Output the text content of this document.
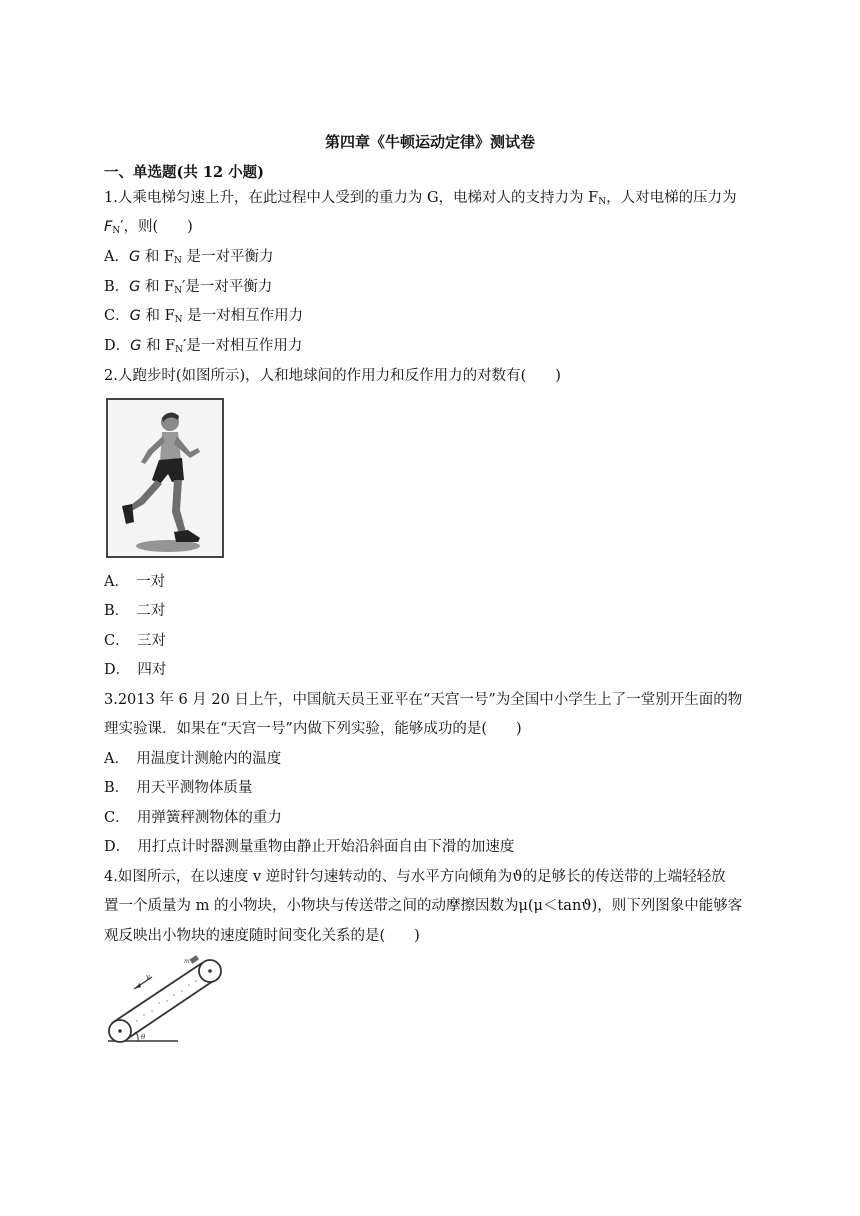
第四章《牛顿运动定律》测试卷
一、单选题(共 12 小题)
1.人乘电梯匀速上升，在此过程中人受到的重力为 G，电梯对人的支持力为 $F_N$，人对电梯的压力为
$F_N'$，则(　　)
A．G 和 $F_N$ 是一对平衡力
B．G 和 $F_N'$是一对平衡力
C．G 和 $F_N$ 是一对相互作用力
D．G 和 $F_N'$是一对相互作用力
2.人跑步时(如图所示)，人和地球间的作用力和反作用力的对数有(　　)
A．　一对
B．　二对
C．　三对
D．　四对
3.2013 年 6 月 20 日上午，中国航天员王亚平在“天宫一号”为全国中小学生上了一堂别开生面的物
理实验课．如果在“天宫一号”内做下列实验，能够成功的是(　　)
A．　用温度计测舱内的温度
B．　用天平测物体质量
C．　用弹簧秤测物体的重力
D．　用打点计时器测量重物由静止开始沿斜面自由下滑的加速度
4.如图所示，在以速度 v 逆时针匀速转动的、与水平方向倾角为ϑ的足够长的传送带的上端轻轻放
置一个质量为 m 的小物块，小物块与传送带之间的动摩擦因数为μ(μ＜tanϑ)，则下列图象中能够客
观反映出小物块的速度随时间变化关系的是(　　)
v
m
θ
